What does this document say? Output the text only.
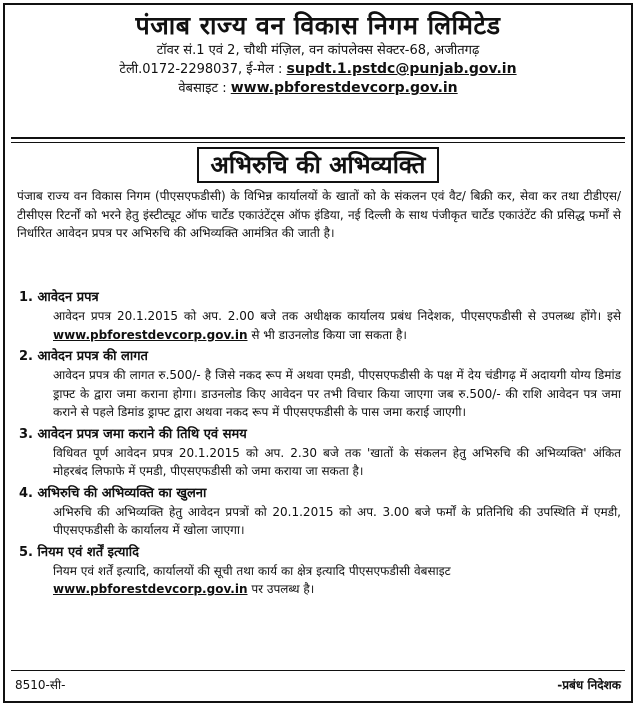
पंजाब राज्य वन विकास निगम लिमिटेड
टॉवर सं.1 एवं 2, चौथी मंज़िल, वन कांपलेक्स सेक्टर-68, अजीतगढ़
टेली.0172-2298037, ई-मेल : supdt.1.pstdc@punjab.gov.in
वेबसाइट : www.pbforestdevcorp.gov.in
अभिरुचि की अभिव्यक्ति
पंजाब राज्य वन विकास निगम (पीएसएफडीसी) के विभिन्न कार्यालयों के खातों को के संकलन एवं वैट/ बिक्री कर, सेवा कर तथा टीडीएस/ टीसीएस रिटर्नों को भरने हेतु इंस्टीट्यूट ऑफ चार्टेड एकाउंटेंट्स ऑफ इंडिया, नई दिल्ली के साथ पंजीकृत चार्टेड एकाउंटेंट की प्रसिद्ध फर्मों से निर्धारित आवेदन प्रपत्र पर अभिरुचि की अभिव्यक्ति आमंत्रित की जाती है।
1. आवेदन प्रपत्र
आवेदन प्रपत्र 20.1.2015 को अप. 2.00 बजे तक अधीक्षक कार्यालय प्रबंध निदेशक, पीएसएफडीसी से उपलब्ध होंगे। इसे www.pbforestdevcorp.gov.in से भी डाउनलोड किया जा सकता है।
2. आवेदन प्रपत्र की लागत
आवेदन प्रपत्र की लागत रु.500/- है जिसे नकद रूप में अथवा एमडी, पीएसएफडीसी के पक्ष में देय चंडीगढ़ में अदायगी योग्य डिमांड ड्राफ्ट के द्वारा जमा कराना होगा। डाउनलोड किए आवेदन पर तभी विचार किया जाएगा जब रु.500/- की राशि आवेदन पत्र जमा कराने से पहले डिमांड ड्राफ्ट द्वारा अथवा नकद रूप में पीएसएफडीसी के पास जमा कराई जाएगी।
3. आवेदन प्रपत्र जमा कराने की तिथि एवं समय
विधिवत पूर्ण आवेदन प्रपत्र 20.1.2015 को अप. 2.30 बजे तक 'खातों के संकलन हेतु अभिरुचि की अभिव्यक्ति' अंकित मोहरबंद लिफाफे में एमडी, पीएसएफडीसी को जमा कराया जा सकता है।
4. अभिरुचि की अभिव्यक्ति का खुलना
अभिरुचि की अभिव्यक्ति हेतु आवेदन प्रपत्रों को 20.1.2015 को अप. 3.00 बजे फर्मों के प्रतिनिधि की उपस्थिति में एमडी, पीएसएफडीसी के कार्यालय में खोला जाएगा।
5. नियम एवं शर्तें इत्यादि
नियम एवं शर्तें इत्यादि, कार्यालयों की सूची तथा कार्य का क्षेत्र इत्यादि पीएसएफडीसी वेबसाइट
www.pbforestdevcorp.gov.in पर उपलब्ध है।
8510-सी-	-प्रबंध निदेशक
